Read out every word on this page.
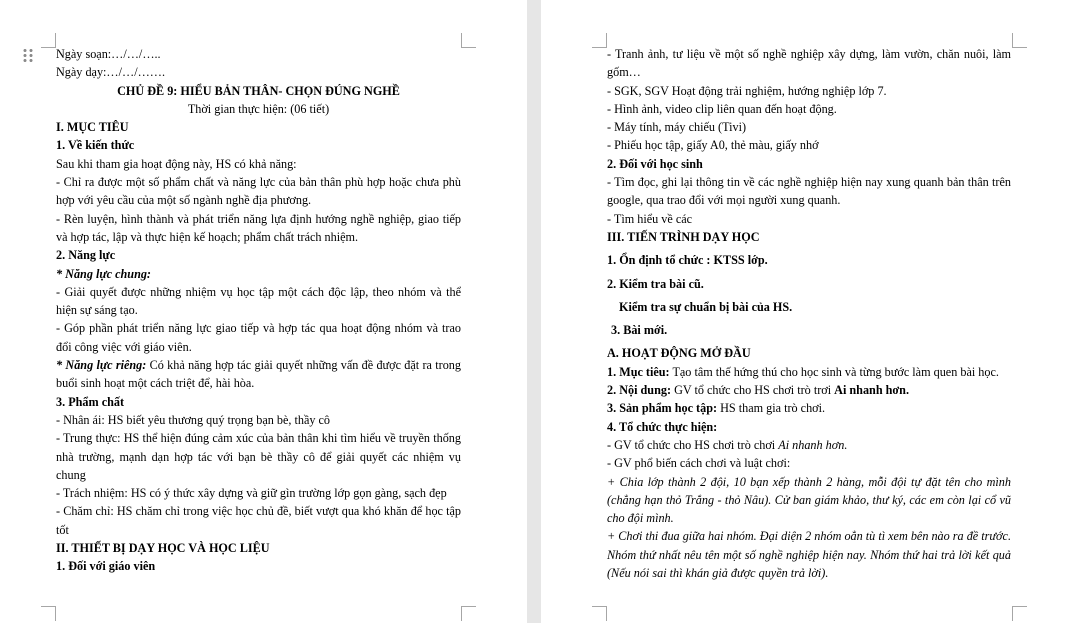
Ngày soạn:…/…/…..

Ngày dạy:…/…/…….

CHỦ ĐỀ 9: HIỂU BẢN THÂN- CHỌN ĐÚNG NGHỀ

Thời gian thực hiện: (06 tiết)

I. MỤC TIÊU

1. Về kiến thức

Sau khi tham gia hoạt động này, HS có khả năng:

- Chỉ ra được một số phẩm chất và năng lực của bản thân phù hợp hoặc chưa phù hợp với yêu cầu của một số ngành nghề địa phương.

- Rèn luyện, hình thành và phát triển năng lựa định hướng nghề nghiệp, giao tiếp và hợp tác, lập và thực hiện kế hoạch; phẩm chất trách nhiệm.

2. Năng lực

* Năng lực chung:

- Giải quyết được những nhiệm vụ học tập một cách độc lập, theo nhóm và thể hiện sự sáng tạo.

- Góp phần phát triển năng lực giao tiếp và hợp tác qua hoạt động nhóm và trao đổi công việc với giáo viên.

* Năng lực riêng: Có khả năng hợp tác giải quyết những vấn đề được đặt ra trong buổi sinh hoạt một cách triệt để, hài hòa.

3. Phẩm chất

- Nhân ái: HS biết yêu thương quý trọng bạn bè, thầy cô

- Trung thực: HS thể hiện đúng cảm xúc của bản thân khi tìm hiểu về truyền thống nhà trường, mạnh dạn hợp tác với bạn bè thầy cô để giải quyết các nhiệm vụ chung

- Trách nhiệm: HS có ý thức xây dựng và giữ gìn trường lớp gọn gàng, sạch đẹp

- Chăm chỉ: HS chăm chỉ trong việc học chủ đề, biết vượt qua khó khăn để học tập tốt

II. THIẾT BỊ DẠY HỌC VÀ HỌC LIỆU

1. Đối với giáo viên

- Tranh ảnh, tư liệu về một số nghề nghiệp xây dựng, làm vườn, chăn nuôi, làm gốm…

- SGK, SGV Hoạt động trải nghiệm, hướng nghiệp lớp 7.

- Hình ảnh, video clip liên quan đến hoạt động.

- Máy tính, máy chiếu (Tivi)

- Phiếu học tập, giấy A0, thẻ màu, giấy nhớ

2. Đối với học sinh

- Tìm đọc, ghi lại thông tin về các nghề nghiệp hiện nay xung quanh bản thân trên google, qua trao đổi với mọi người xung quanh.

- Tìm hiểu về các

III. TIẾN TRÌNH DẠY HỌC

1. Ổn định tổ chức : KTSS lớp.

2. Kiểm tra bài cũ.

Kiểm tra sự chuẩn bị bài của HS.

3. Bài mới.

A. HOẠT ĐỘNG MỞ ĐẦU

1. Mục tiêu: Tạo tâm thế hứng thú cho học sinh và từng bước làm quen bài học.

2. Nội dung: GV tổ chức cho HS chơi trò trơi Ai nhanh hơn.

3. Sản phẩm học tập: HS tham gia trò chơi.

4. Tổ chức thực hiện:

- GV tổ chức cho HS chơi trò chơi Ai nhanh hơn.

- GV phổ biến cách chơi và luật chơi:

+ Chia lớp thành 2 đội, 10 bạn xếp thành 2 hàng, mỗi đội tự đặt tên cho mình (chẳng hạn thỏ Trắng - thỏ Nâu). Cử ban giám khảo, thư ký, các em còn lại cổ vũ cho đội mình.

+ Chơi thi đua giữa hai nhóm. Đại diện 2 nhóm oẳn tù tì xem bên nào ra đề trước. Nhóm thứ nhất nêu tên một số nghề nghiệp hiện nay. Nhóm thứ hai trả lời kết quả (Nếu nói sai thì khán giả được quyền trả lời).
